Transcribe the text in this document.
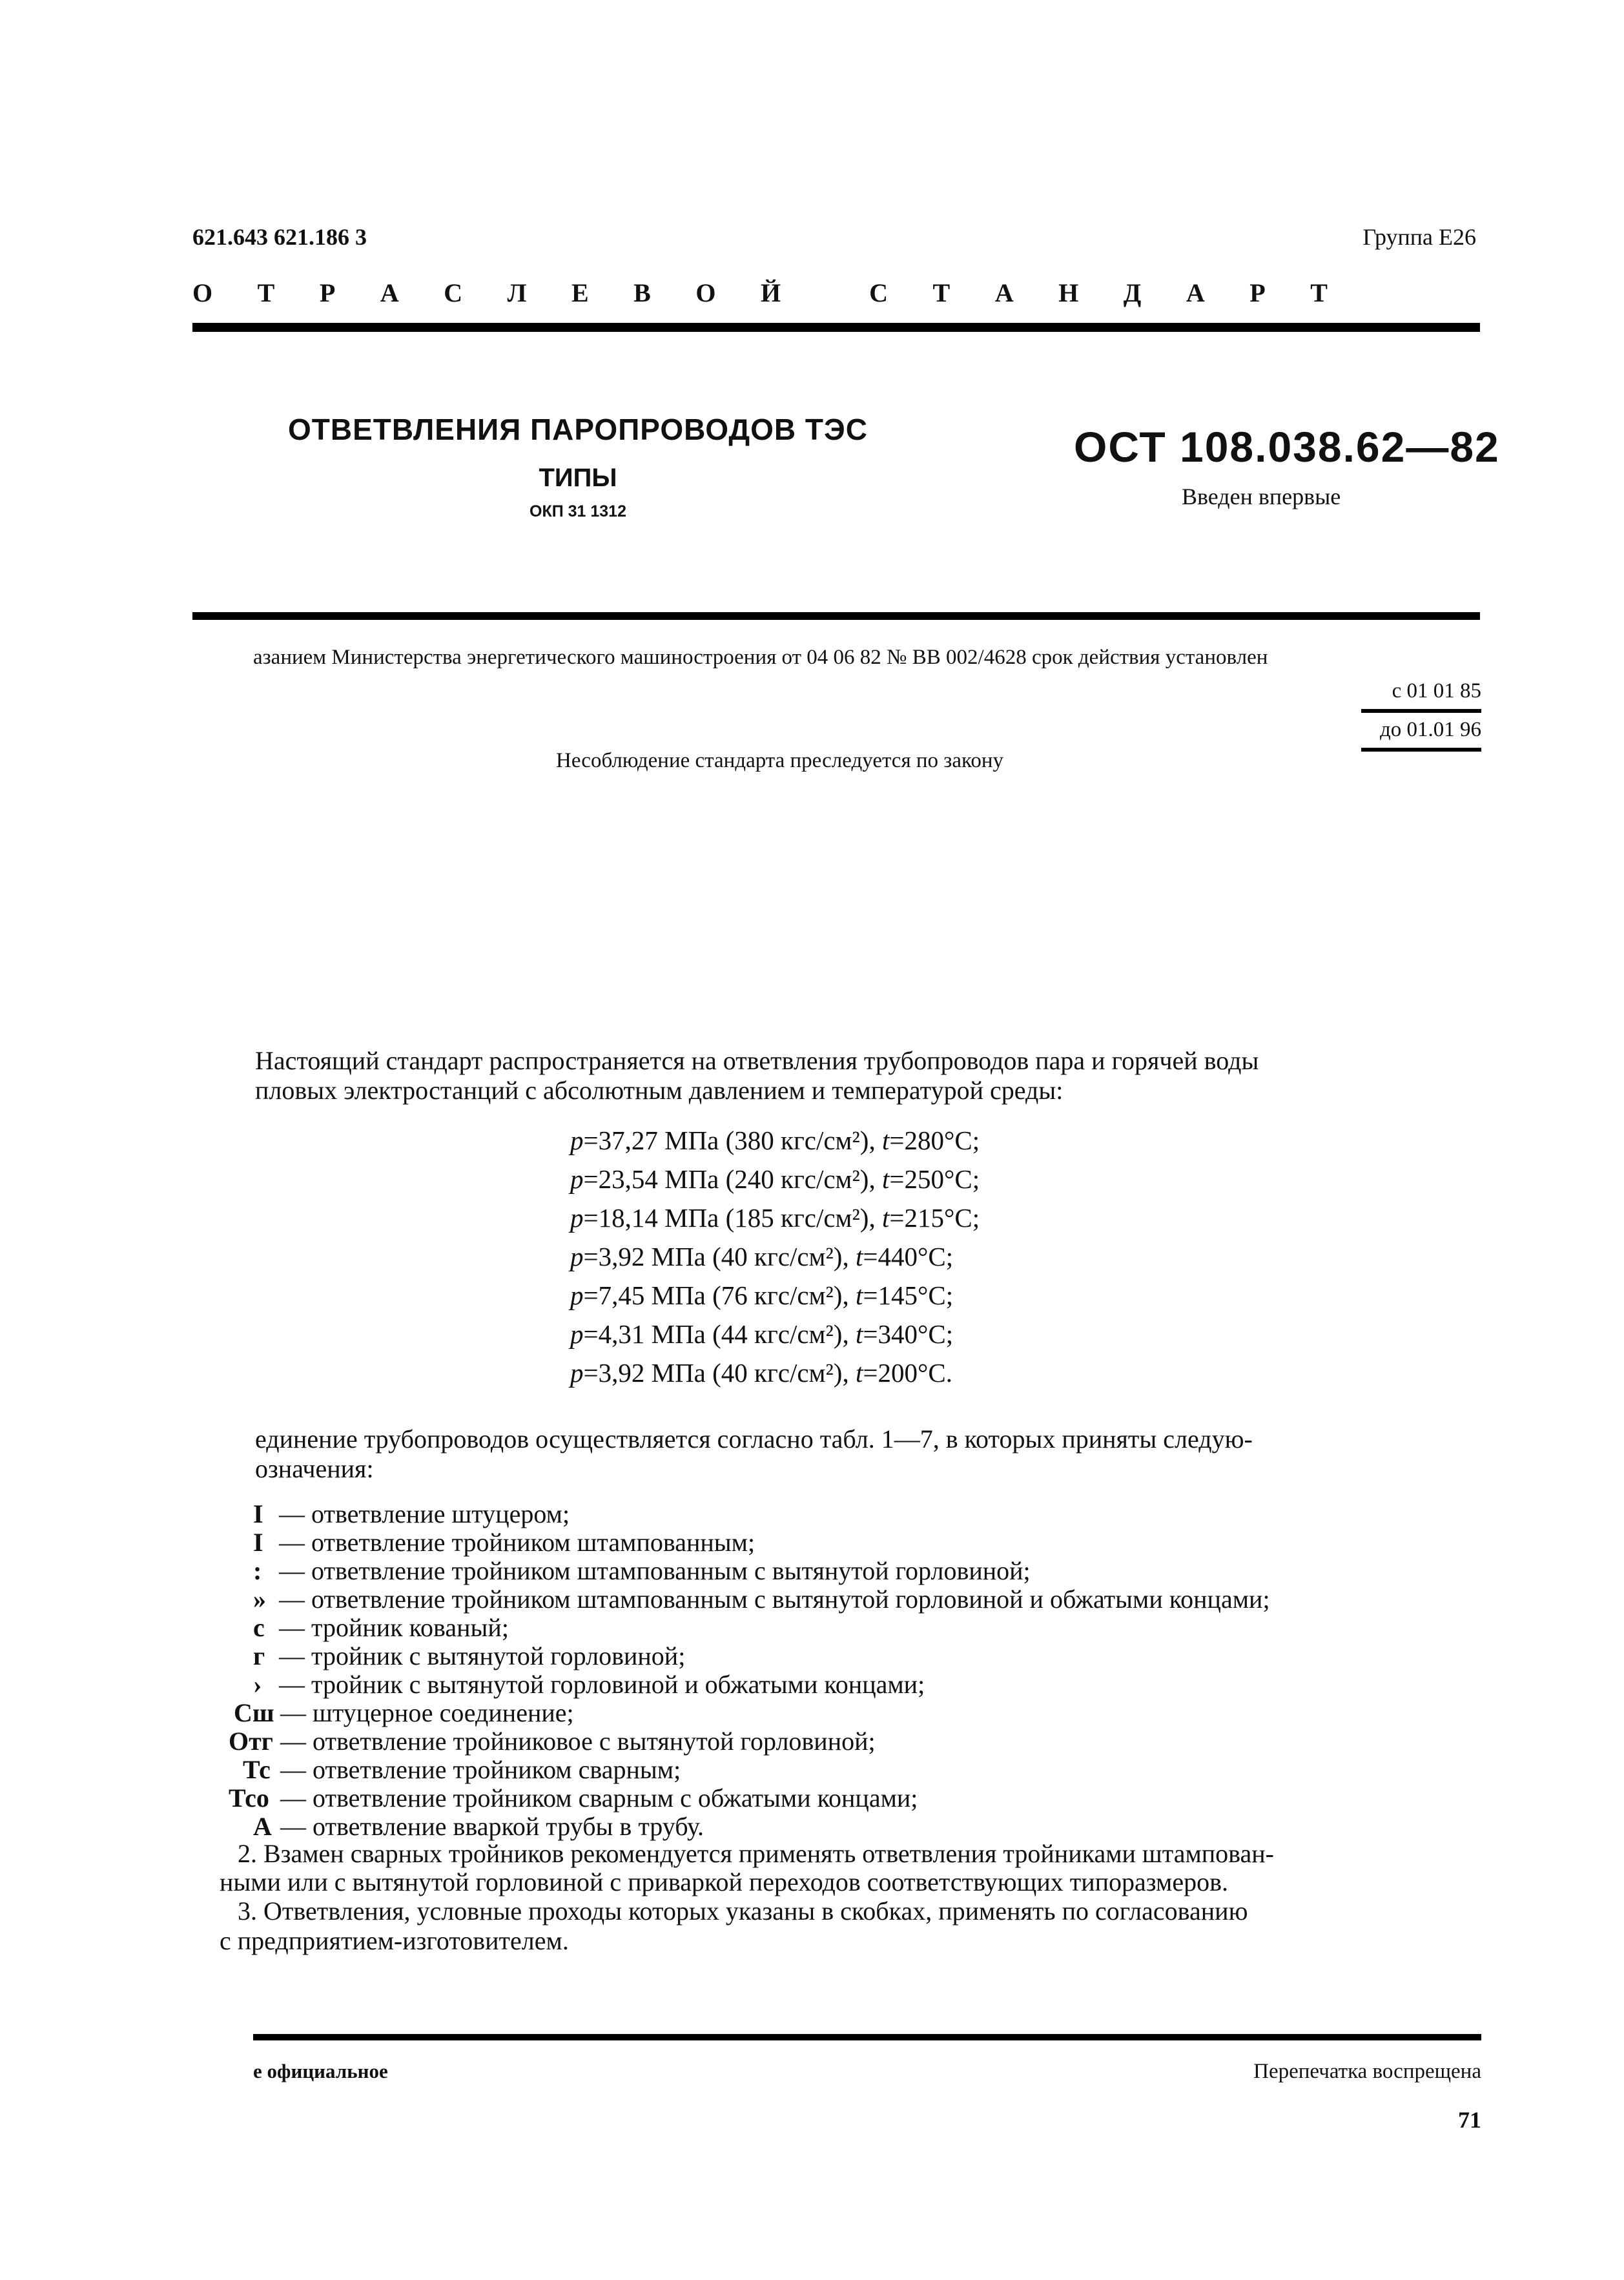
621.643 621.186 3	Группа Е26
О Т Р А С Л Е В О Й	С Т А Н Д А Р Т
ОТВЕТВЛЕНИЯ ПАРОПРОВОДОВ ТЭС
ТИПЫ
ОКП 31 1312
ОСТ 108.038.62—82
Введен впервые
азанием Министерства энергетического машиностроения от 04 06 82 № ВВ 002/4628 срок действия установлен
с 01 01 85
до 01.01 96
Несоблюдение стандарта преследуется по закону
Настоящий стандарт распространяется на ответвления трубопроводов пара и горячей воды
пловых электростанций с абсолютным давлением и температурой среды:
p=37,27 МПа (380 кгс/см²), t=280°С;
p=23,54 МПа (240 кгс/см²), t=250°С;
p=18,14 МПа (185 кгс/см²), t=215°С;
p=3,92 МПа (40 кгс/см²), t=440°С;
p=7,45 МПа (76 кгс/см²), t=145°С;
p=4,31 МПа (44 кгс/см²), t=340°С;
p=3,92 МПа (40 кгс/см²), t=200°С.
единение трубопроводов осуществляется согласно табл. 1—7, в которых приняты следую-
означения:
I — ответвление штуцером;
I — ответвление тройником штампованным;
: — ответвление тройником штампованным с вытянутой горловиной;
» — ответвление тройником штампованным с вытянутой горловиной и обжатыми концами;
с — тройник кованый;
г — тройник с вытянутой горловиной;
› — тройник с вытянутой горловиной и обжатыми концами;
Сш — штуцерное соединение;
Отг — ответвление тройниковое с вытянутой горловиной;
Тс — ответвление тройником сварным;
Тсо — ответвление тройником сварным с обжатыми концами;
А — ответвление вваркой трубы в трубу.
2. Взамен сварных тройников рекомендуется применять ответвления тройниками штампован-
ными или с вытянутой горловиной с приваркой переходов соответствующих типоразмеров.
3. Ответвления, условные проходы которых указаны в скобках, применять по согласованию
с предприятием-изготовителем.
е официальное	Перепечатка воспрещена
71
